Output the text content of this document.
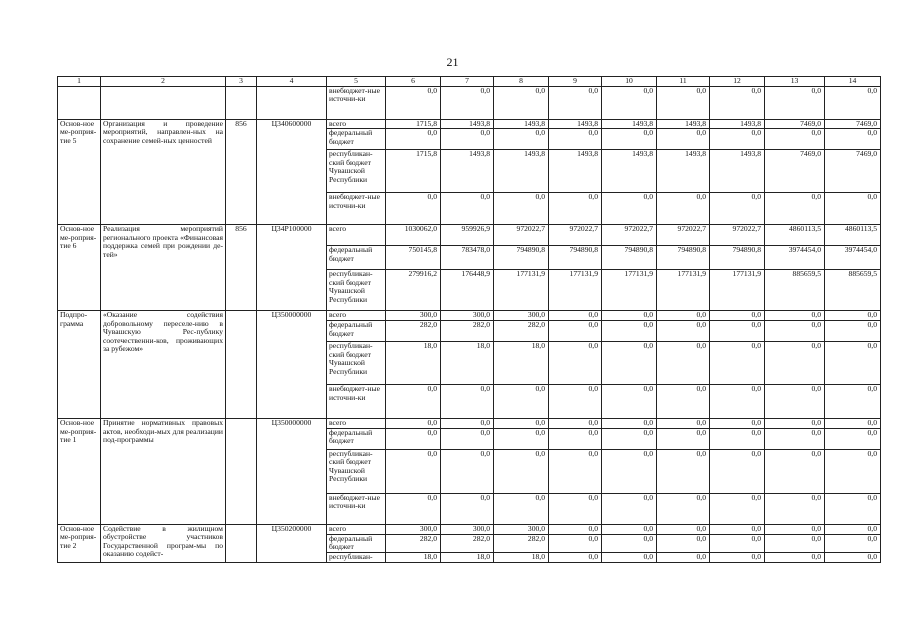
21
1	2	3	4	5	6	7	8	9	10	11	12	13	14
				внебюджет-ные источни-ки	0,0	0,0	0,0	0,0	0,0	0,0	0,0	0,0	0,0
Основ-ное ме-роприя-тие 5	Организация и проведение мероприятий, направлен-ных на сохранение семей-ных ценностей	856	Ц340600000	всего	1715,8	1493,8	1493,8	1493,8	1493,8	1493,8	1493,8	7469,0	7469,0
				федеральный бюджет	0,0	0,0	0,0	0,0	0,0	0,0	0,0	0,0	0,0
				республикан-ский бюджет Чувашской Республики	1715,8	1493,8	1493,8	1493,8	1493,8	1493,8	1493,8	7469,0	7469,0
				внебюджет-ные источни-ки	0,0	0,0	0,0	0,0	0,0	0,0	0,0	0,0	0,0
Основ-ное ме-роприя-тие 6	Реализация мероприятий регионального проекта «Финансовая поддержка семей при рождении де-тей»	856	Ц34P100000	всего	1030062,0	959926,9	972022,7	972022,7	972022,7	972022,7	972022,7	4860113,5	4860113,5
				федеральный бюджет	750145,8	783478,0	794890,8	794890,8	794890,8	794890,8	794890,8	3974454,0	3974454,0
				республикан-ский бюджет Чувашской Республики	279916,2	176448,9	177131,9	177131,9	177131,9	177131,9	177131,9	885659,5	885659,5
Подпро-грамма	«Оказание содействия добровольному переселе-нию в Чувашскую Рес-публику соотечественни-ков, проживающих за рубежом»		Ц350000000	всего	300,0	300,0	300,0	0,0	0,0	0,0	0,0	0,0	0,0
				федеральный бюджет	282,0	282,0	282,0	0,0	0,0	0,0	0,0	0,0	0,0
				республикан-ский бюджет Чувашской Республики	18,0	18,0	18,0	0,0	0,0	0,0	0,0	0,0	0,0
				внебюджет-ные источни-ки	0,0	0,0	0,0	0,0	0,0	0,0	0,0	0,0	0,0
Основ-ное ме-роприя-тие 1	Принятие нормативных правовых актов, необходи-мых для реализации под-программы		Ц350000000	всего	0,0	0,0	0,0	0,0	0,0	0,0	0,0	0,0	0,0
				федеральный бюджет	0,0	0,0	0,0	0,0	0,0	0,0	0,0	0,0	0,0
				республикан-ский бюджет Чувашской Республики	0,0	0,0	0,0	0,0	0,0	0,0	0,0	0,0	0,0
				внебюджет-ные источни-ки	0,0	0,0	0,0	0,0	0,0	0,0	0,0	0,0	0,0
Основ-ное ме-роприя-тие 2	Содействие в жилищном обустройстве участников Государственной програм-мы по оказанию содейст-		Ц350200000	всего	300,0	300,0	300,0	0,0	0,0	0,0	0,0	0,0	0,0
				федеральный бюджет	282,0	282,0	282,0	0,0	0,0	0,0	0,0	0,0	0,0
				республикан-	18,0	18,0	18,0	0,0	0,0	0,0	0,0	0,0	0,0
